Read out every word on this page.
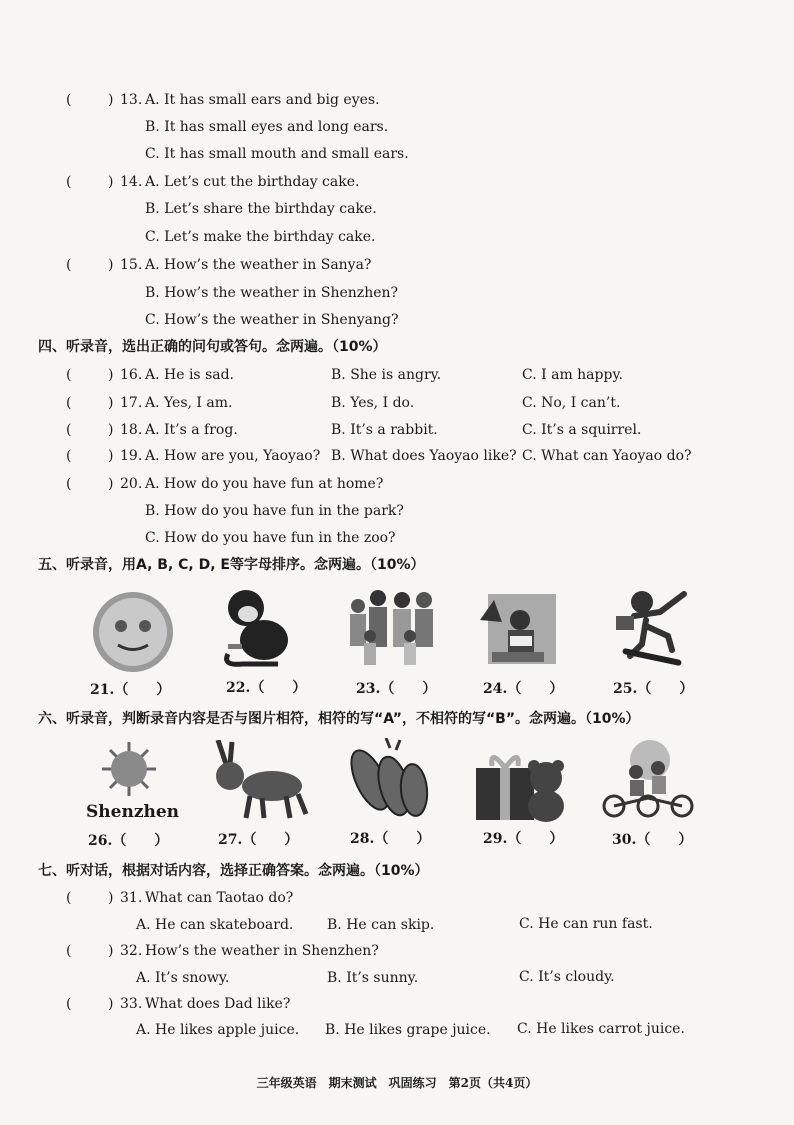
(	) 13. A. It has small ears and big eyes.
B. It has small eyes and long ears.
C. It has small mouth and small ears.
(	) 14. A. Let’s cut the birthday cake.
B. Let’s share the birthday cake.
C. Let’s make the birthday cake.
(	) 15. A. How’s the weather in Sanya?
B. How’s the weather in Shenzhen?
C. How’s the weather in Shenyang?
四、听录音，选出正确的问句或答句。念两遍。（10%）
(	) 16. A. He is sad.	B. She is angry.	C. I am happy.
(	) 17. A. Yes, I am.	B. Yes, I do.	C. No, I can’t.
(	) 18. A. It’s a frog.	B. It’s a rabbit.	C. It’s a squirrel.
(	) 19. A. How are you, Yaoyao? B. What does Yaoyao like? C. What can Yaoyao do?
(	) 20. A. How do you have fun at home?
B. How do you have fun in the park?
C. How do you have fun in the zoo?
五、听录音，用A, B, C, D, E等字母排序。念两遍。（10%）
21.（　　）	22.（　　）	23.（　　）	24.（　　）	25.（　　）
六、听录音，判断录音内容是否与图片相符，相符的写“A”，不相符的写“B”。念两遍。（10%）
Shenzhen
26.（　　）	27.（　　）	28.（　　）	29.（　　）	30.（　　）
七、听对话，根据对话内容，选择正确答案。念两遍。（10%）
(	) 31. What can Taotao do?
A. He can skateboard. B. He can skip.	C. He can run fast.
(	) 32. How’s the weather in Shenzhen?
A. It’s snowy.	B. It’s sunny.	C. It’s cloudy.
(	) 33. What does Dad like?
A. He likes apple juice. B. He likes grape juice. C. He likes carrot juice.
三年级英语　期末测试　巩固练习　第2页（共4页）
